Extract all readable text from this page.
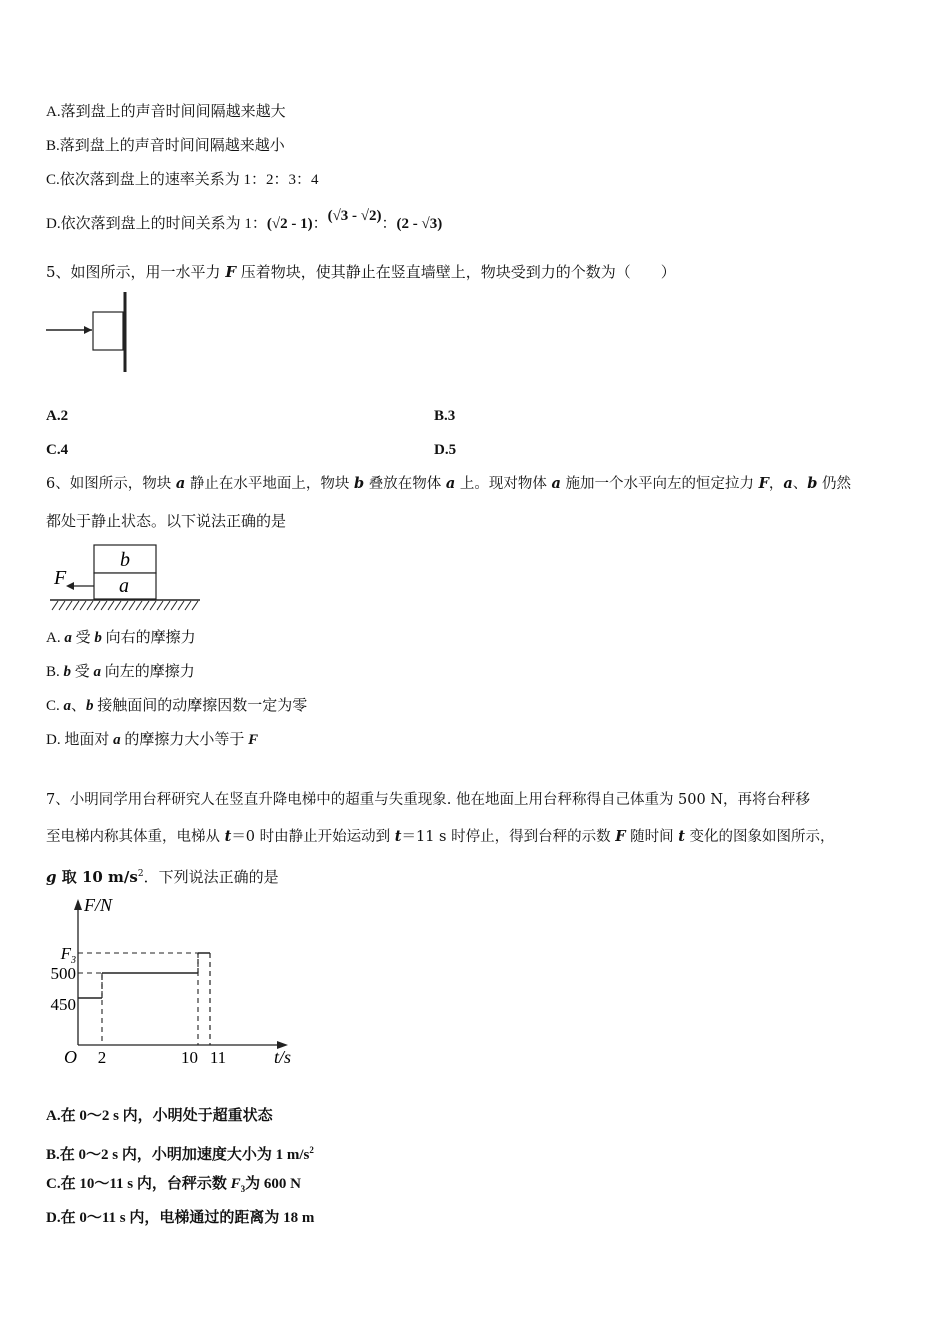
A.落到盘上的声音时间间隔越来越大
B.落到盘上的声音时间间隔越来越小
C.依次落到盘上的速率关系为 1：2：3：4
D.依次落到盘上的时间关系为 1：(√2 - 1)：(√3 - √2)：(2 - √3)
5、如图所示，用一水平力 F 压着物块，使其静止在竖直墙壁上，物块受到力的个数为（　　）
A.2	B.3
C.4	D.5
6、如图所示，物块 a 静止在水平地面上，物块 b 叠放在物体 a 上。现对物体 a 施加一个水平向左的恒定拉力 F，a、b 仍然
都处于静止状态。以下说法正确的是
b
a
F
A. a 受 b 向右的摩擦力
B. b 受 a 向左的摩擦力
C. a、b 接触面间的动摩擦因数一定为零
D. 地面对 a 的摩擦力大小等于 F
7、小明同学用台秤研究人在竖直升降电梯中的超重与失重现象. 他在地面上用台秤称得自己体重为 500 N，再将台秤移
至电梯内称其体重，电梯从 t＝0 时由静止开始运动到 t＝11 s 时停止，得到台秤的示数 F 随时间 t 变化的图象如图所示，
g 取 10 $m/s^2$．下列说法正确的是
F/N
t/s
O 2	10 11
450
500
$F_3$
A.在 0～2 s 内，小明处于超重状态
B.在 0～2 s 内，小明加速度大小为 1 $m/s^2$
C.在 10～11 s 内，台秤示数 $F_3$为 600 N
D.在 0～11 s 内，电梯通过的距离为 18 m
